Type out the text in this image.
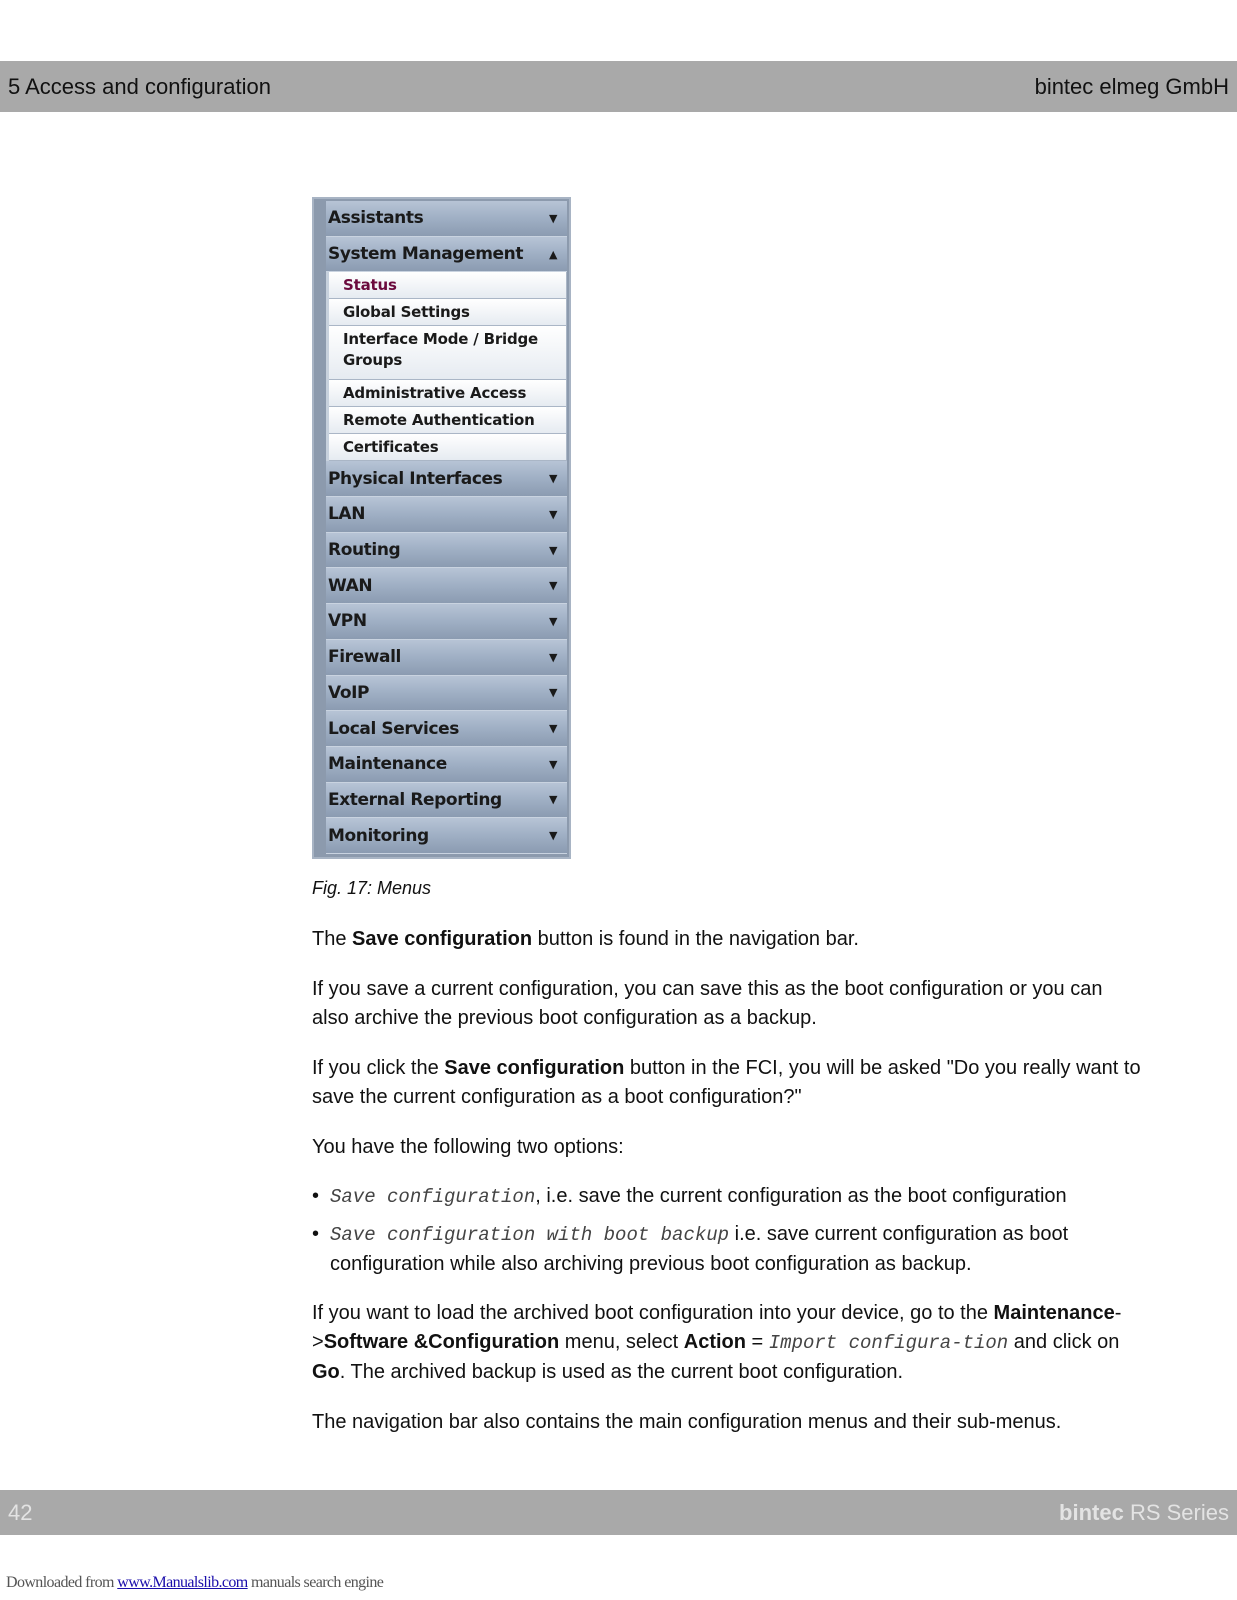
5 Access and configuration	bintec elmeg GmbH
Assistants	▼
System Management ▲
Status
Global Settings
Interface Mode / Bridge Groups
Administrative Access
Remote Authentication
Certificates
Physical Interfaces	▼
LAN	▼
Routing	▼
WAN	▼
VPN	▼
Firewall	▼
VoIP	▼
Local Services	▼
Maintenance	▼
External Reporting	▼
Monitoring	▼
Fig. 17: Menus
The Save configuration button is found in the navigation bar.
If you save a current configuration, you can save this as the boot configuration or you can also archive the previous boot configuration as a backup.
If you click the Save configuration button in the FCI, you will be asked "Do you really want to save the current configuration as a boot configuration?"
You have the following two options:
• Save configuration, i.e. save the current configuration as the boot configuration
• Save configuration with boot backup i.e. save current configuration as boot configuration while also archiving previous boot configuration as backup.
If you want to load the archived boot configuration into your device, go to the Maintenance->Software &Configuration menu, select Action = Import configura-tion and click on Go. The archived backup is used as the current boot configuration.
The navigation bar also contains the main configuration menus and their sub-menus.
42	bintec RS Series
Downloaded from www.Manualslib.com manuals search engine
